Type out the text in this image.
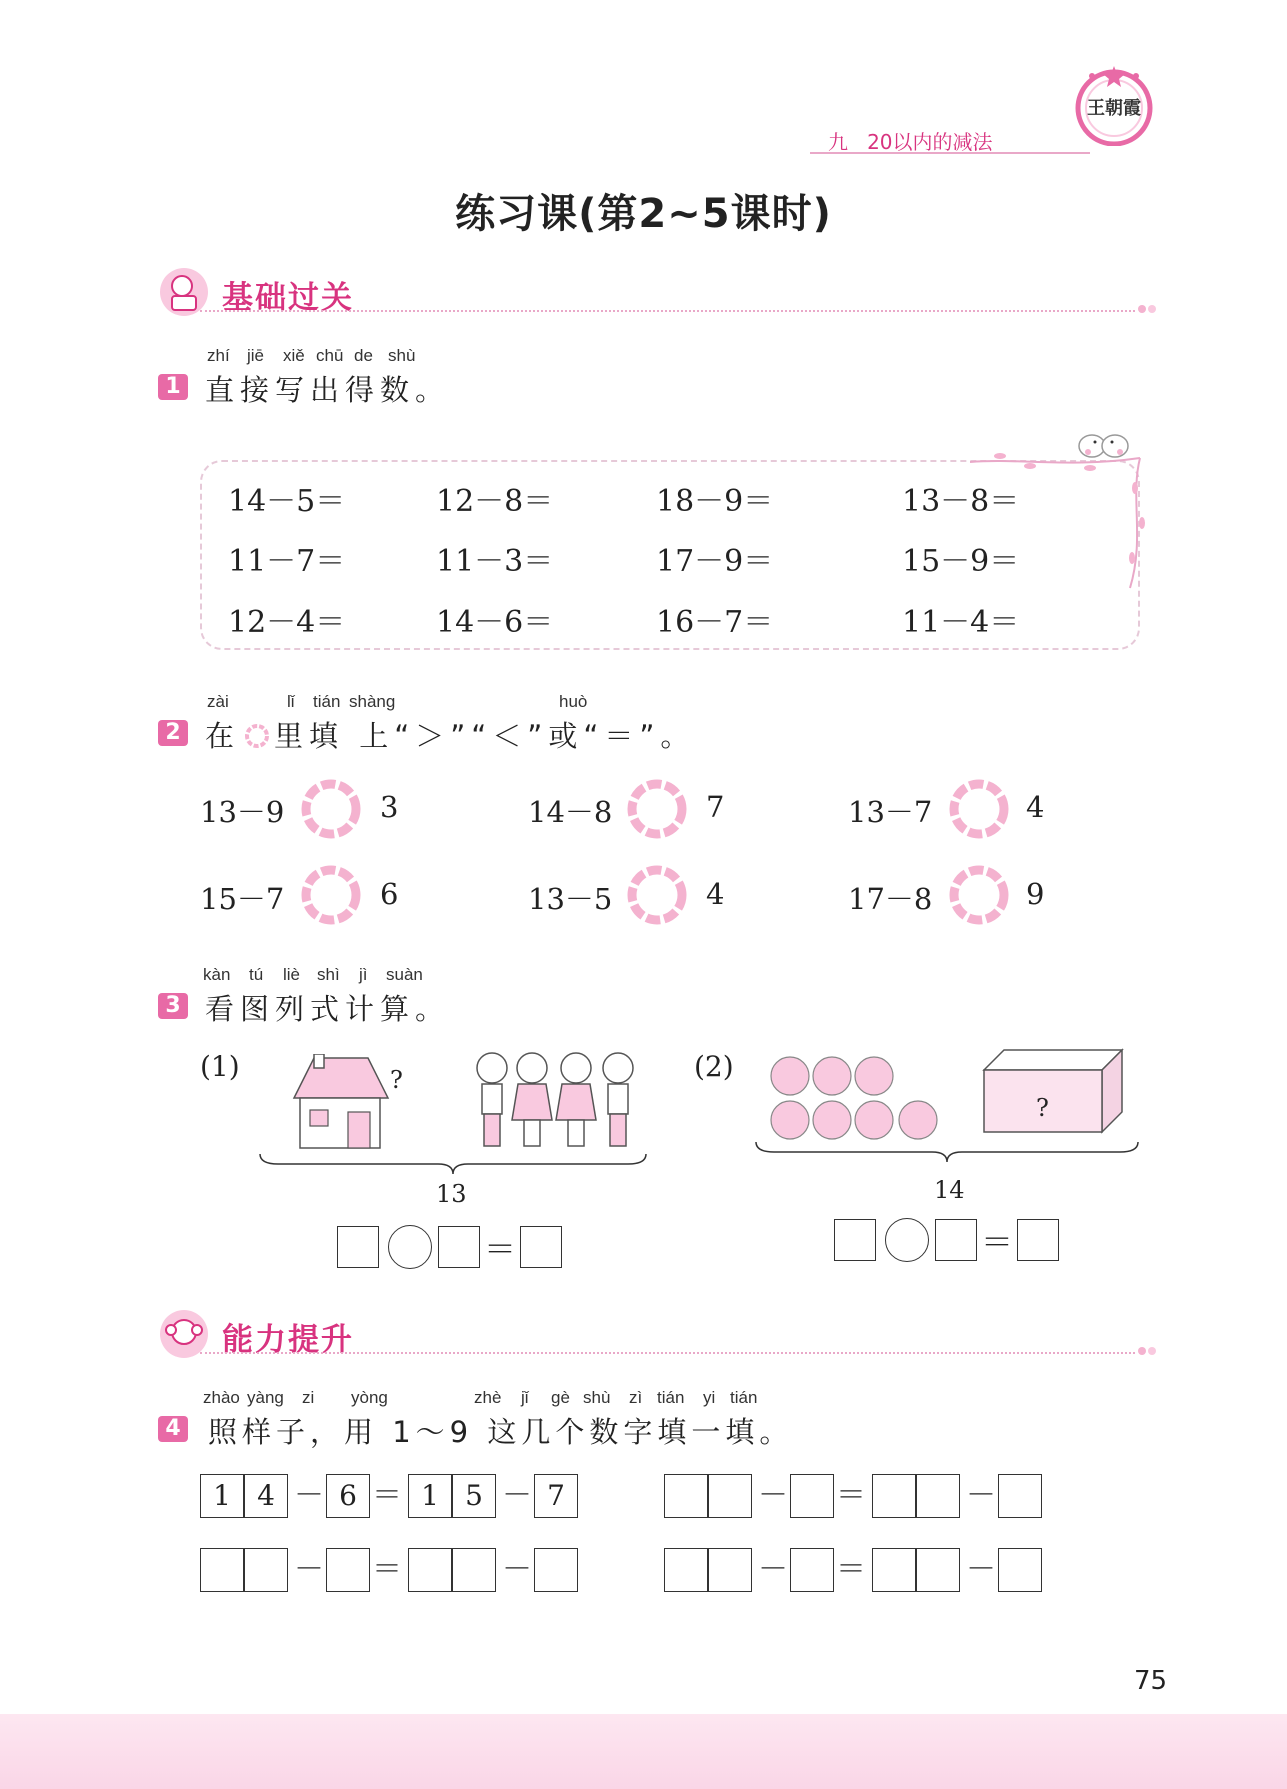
九   20以内的减法
王朝霞
练习课(第2~5课时)
基础过关
zhí jiē xiě chū de shù
1 直接写出得数。
14－5＝	12－8＝	18－9＝	13－8＝
11－7＝	11－3＝	17－9＝	15－9＝
12－4＝	14－6＝	16－7＝	11－4＝
zài	lǐ tián shàng	huò
2 在 里填 上“＞”“＜”或“＝”。
13－9	3	14－8	7	13－7	4
15－7	6	13－5	4	17－8	9
kàn tú liè shì jì suàn
3 看图列式计算。
(1)	?
13
＝
(2)
?
14
＝
能力提升
zhào yàng zi yòng	zhè jǐ gè shù zì tián yi tián
4 照样子，用 1～9 这几个数字填一填。
1 4 － 6 ＝ 1 5 － 7	－ ＝	－
－ ＝	－	－ ＝	－
75
